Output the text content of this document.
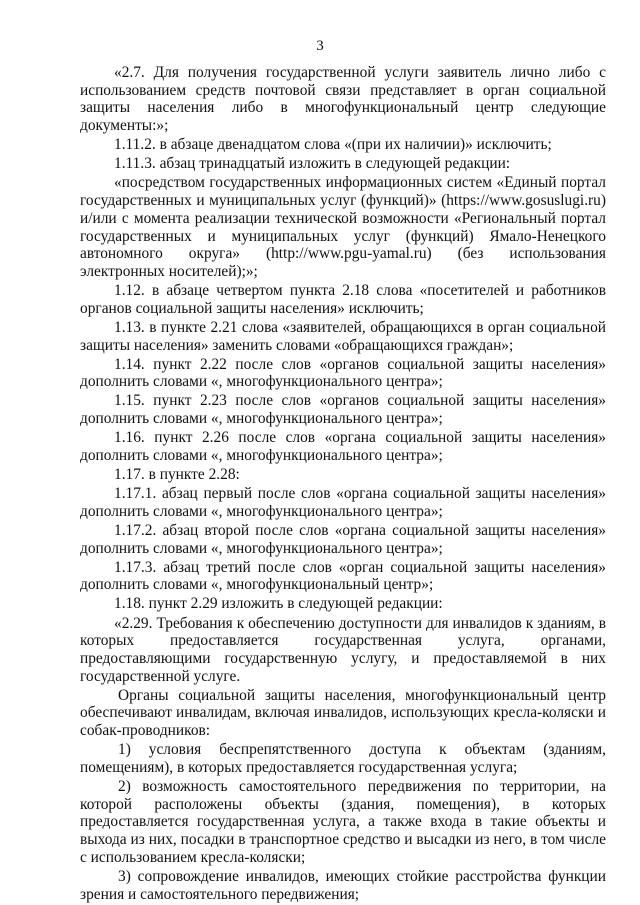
3

«2.7. Для получения государственной услуги заявитель лично либо с использованием средств почтовой связи представляет в орган социальной защиты населения либо в многофункциональный центр следующие документы:»;

1.11.2. в абзаце двенадцатом слова «(при их наличии)» исключить;

1.11.3. абзац тринадцатый изложить в следующей редакции:

«посредством государственных информационных систем «Единый портал государственных и муниципальных услуг (функций)» (https://www.gosuslugi.ru) и/или с момента реализации технической возможности «Региональный портал государственных и муниципальных услуг (функций) Ямало-Ненецкого автономного округа» (http://www.pgu-yamal.ru) (без использования электронных носителей);»;

1.12. в абзаце четвертом пункта 2.18 слова «посетителей и работников органов социальной защиты населения» исключить;

1.13. в пункте 2.21 слова «заявителей, обращающихся в орган социальной защиты населения» заменить словами «обращающихся граждан»;

1.14. пункт 2.22 после слов «органов социальной защиты населения» дополнить словами «, многофункционального центра»;

1.15. пункт 2.23 после слов «органов социальной защиты населения» дополнить словами «, многофункционального центра»;

1.16. пункт 2.26 после слов «органа социальной защиты населения» дополнить словами «, многофункционального центра»;

1.17. в пункте 2.28:

1.17.1. абзац первый после слов «органа социальной защиты населения» дополнить словами «, многофункционального центра»;

1.17.2. абзац второй после слов «органа социальной защиты населения» дополнить словами «, многофункционального центра»;

1.17.3. абзац третий после слов «орган социальной защиты населения» дополнить словами «, многофункциональный центр»;

1.18. пункт 2.29 изложить в следующей редакции:

«2.29. Требования к обеспечению доступности для инвалидов к зданиям, в которых предоставляется государственная услуга, органами, предоставляющими государственную услугу, и предоставляемой в них государственной услуге.

Органы социальной защиты населения, многофункциональный центр обеспечивают инвалидам, включая инвалидов, использующих кресла-коляски и собак-проводников:

1) условия беспрепятственного доступа к объектам (зданиям, помещениям), в которых предоставляется государственная услуга;

2) возможность самостоятельного передвижения по территории, на которой расположены объекты (здания, помещения), в которых предоставляется государственная услуга, а также входа в такие объекты и выхода из них, посадки в транспортное средство и высадки из него, в том числе с использованием кресла-коляски;

3) сопровождение инвалидов, имеющих стойкие расстройства функции зрения и самостоятельного передвижения;
